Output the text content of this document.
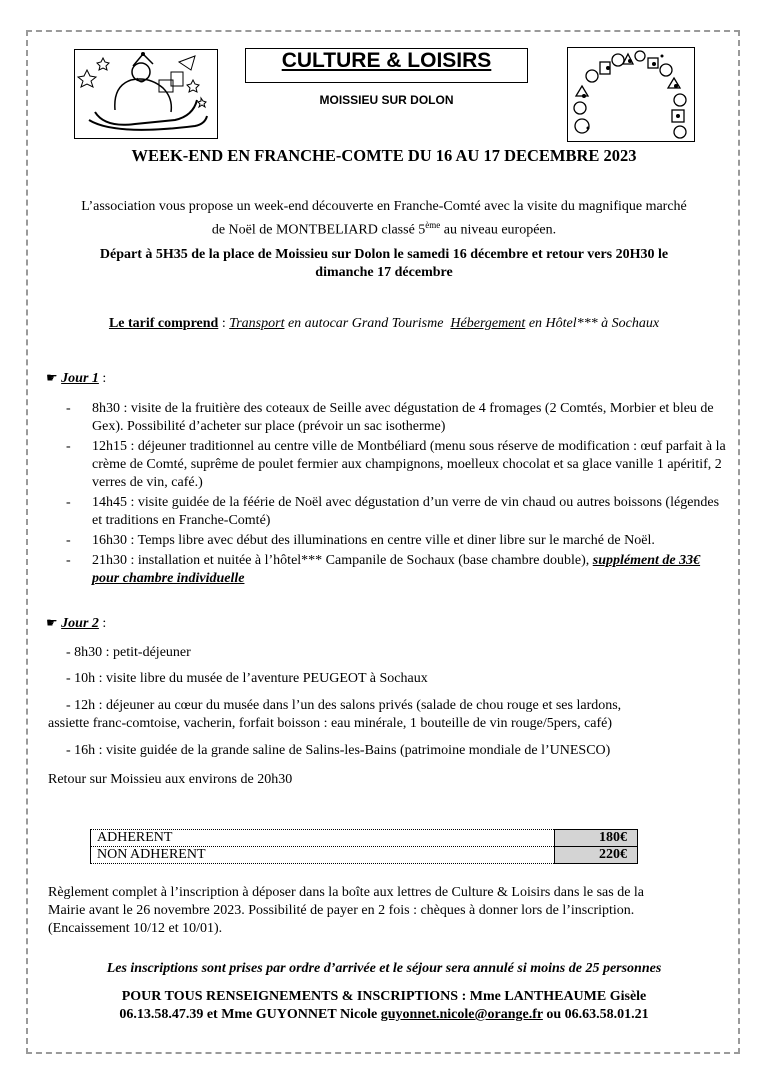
CULTURE & LOISIRS
MOISSIEU SUR DOLON
WEEK-END EN FRANCHE-COMTE DU 16 AU 17 DECEMBRE 2023
L’association vous propose un week-end découverte en Franche-Comté avec la visite du magnifique marché
de Noël de MONTBELIARD classé 5ème au niveau européen.
Départ à 5H35 de la place de Moissieu sur Dolon le samedi 16 décembre et retour vers 20H30 le
dimanche 17 décembre
Le tarif comprend : Transport en autocar Grand Tourisme  Hébergement en Hôtel*** à Sochaux
☛ Jour 1 :
- 8h30 : visite de la fruitière des coteaux de Seille avec dégustation de 4 fromages (2 Comtés, Morbier et bleu de Gex). Possibilité d’acheter sur place (prévoir un sac isotherme)
- 12h15 : déjeuner traditionnel au centre ville de Montbéliard (menu sous réserve de modification : œuf parfait à la crème de Comté, suprême de poulet fermier aux champignons, moelleux chocolat et sa glace vanille 1 apéritif, 2 verres de vin, café.)
- 14h45 : visite guidée de la féérie de Noël avec dégustation d’un verre de vin chaud ou autres boissons (légendes et traditions en Franche-Comté)
- 16h30 : Temps libre avec début des illuminations en centre ville et diner libre sur le marché de Noël.
- 21h30 : installation et nuitée à l’hôtel*** Campanile de Sochaux (base chambre double), supplément de 33€ pour chambre individuelle
☛ Jour 2 :
- 8h30 : petit-déjeuner
- 10h : visite libre du musée de l’aventure PEUGEOT à Sochaux
- 12h : déjeuner au cœur du musée dans l’un des salons privés (salade de chou rouge et ses lardons,
assiette franc-comtoise, vacherin, forfait boisson : eau minérale, 1 bouteille de vin rouge/5pers, café)
- 16h : visite guidée de la grande saline de Salins-les-Bains (patrimoine mondiale de l’UNESCO)
Retour sur Moissieu aux environs de 20h30
ADHERENT	180€
NON ADHERENT	220€
Règlement complet à l’inscription à déposer dans la boîte aux lettres de Culture & Loisirs dans le sas de la
Mairie avant le 26 novembre 2023. Possibilité de payer en 2 fois : chèques à donner lors de l’inscription.
(Encaissement 10/12 et 10/01).
Les inscriptions sont prises par ordre d’arrivée et le séjour sera annulé si moins de 25 personnes
POUR TOUS RENSEIGNEMENTS & INSCRIPTIONS : Mme LANTHEAUME Gisèle
06.13.58.47.39 et Mme GUYONNET Nicole guyonnet.nicole@orange.fr ou 06.63.58.01.21
